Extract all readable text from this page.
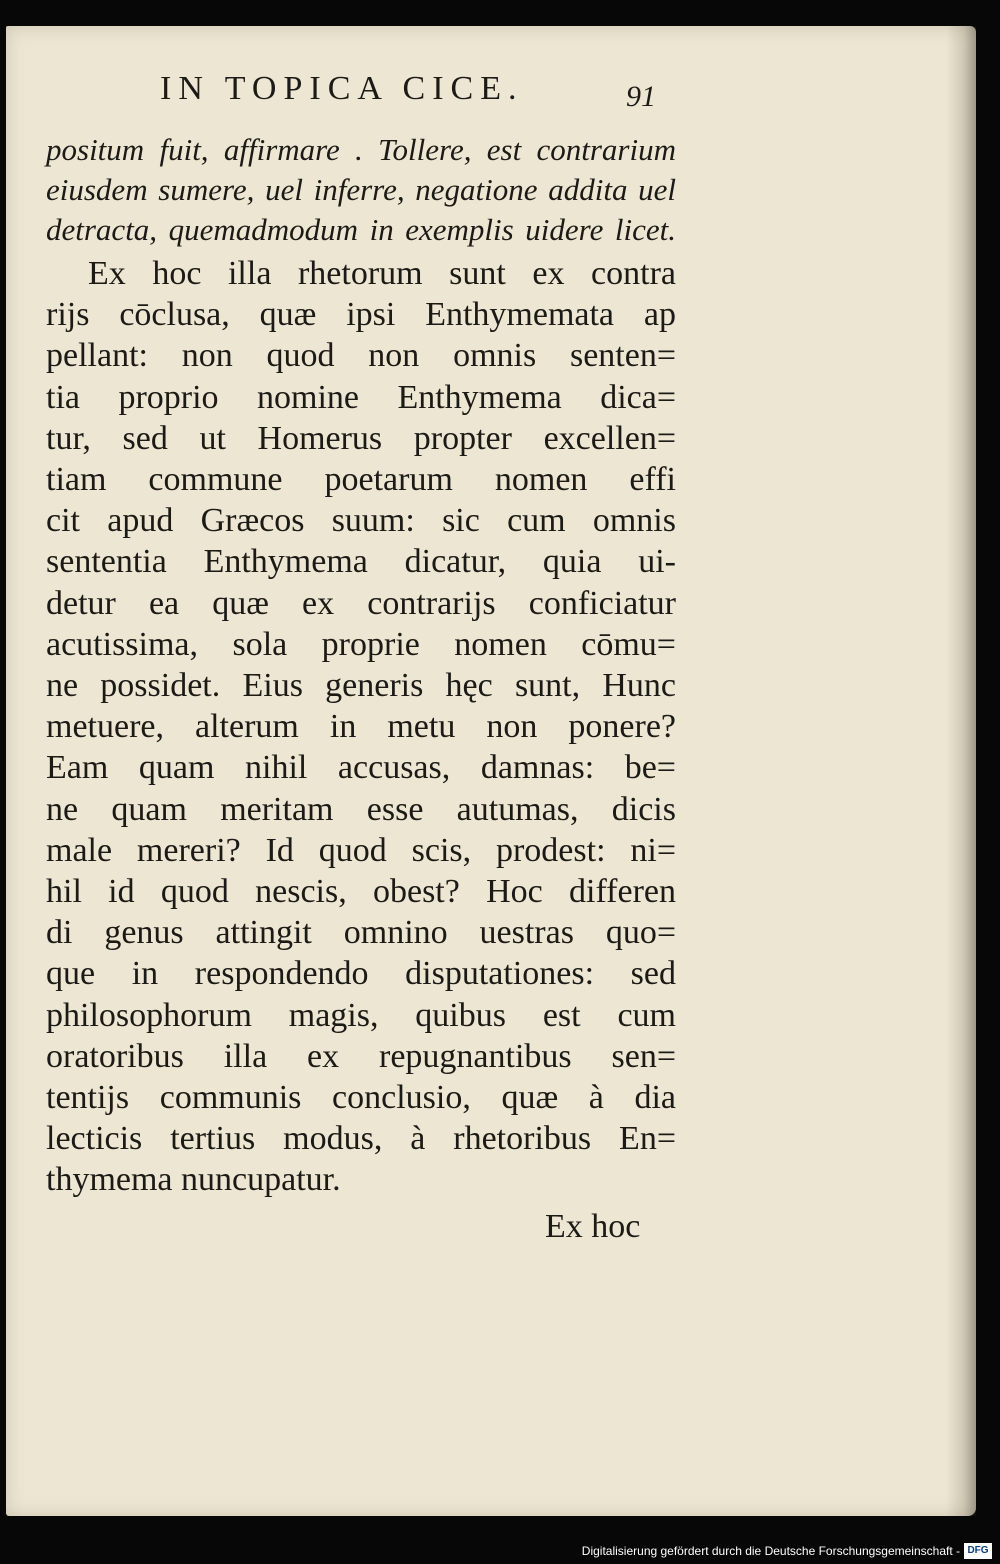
IN TOPICA CICE.	91
positum fuit, affirmare . Tollere, est contrarium
eiusdem sumere, uel inferre, negatione addita uel
detracta, quemadmodum in exemplis uidere licet.
Ex hoc illa rhetorum sunt ex contra
rijs cōclusa, quæ ipsi Enthymemata ap
pellant: non quod non omnis senten=
tia proprio nomine Enthymema dica=
tur, sed ut Homerus propter excellen=
tiam commune poetarum nomen effi
cit apud Græcos suum: sic cum omnis
sententia Enthymema dicatur, quia ui-
detur ea quæ ex contrarijs conficiatur
acutissima, sola proprie nomen cōmu=
ne possidet. Eius generis hęc sunt, Hunc
metuere, alterum in metu non ponere?
Eam quam nihil accusas, damnas: be=
ne quam meritam esse autumas, dicis
male mereri? Id quod scis, prodest: ni=
hil id quod nescis, obest? Hoc differen
di genus attingit omnino uestras quo=
que in respondendo disputationes: sed
philosophorum magis, quibus est cum
oratoribus illa ex repugnantibus sen=
tentijs communis conclusio, quæ à dia
lecticis tertius modus, à rhetoribus En=
thymema nuncupatur.
Ex hoc
Digitalisierung gefördert durch die Deutsche Forschungsgemeinschaft - DFG
